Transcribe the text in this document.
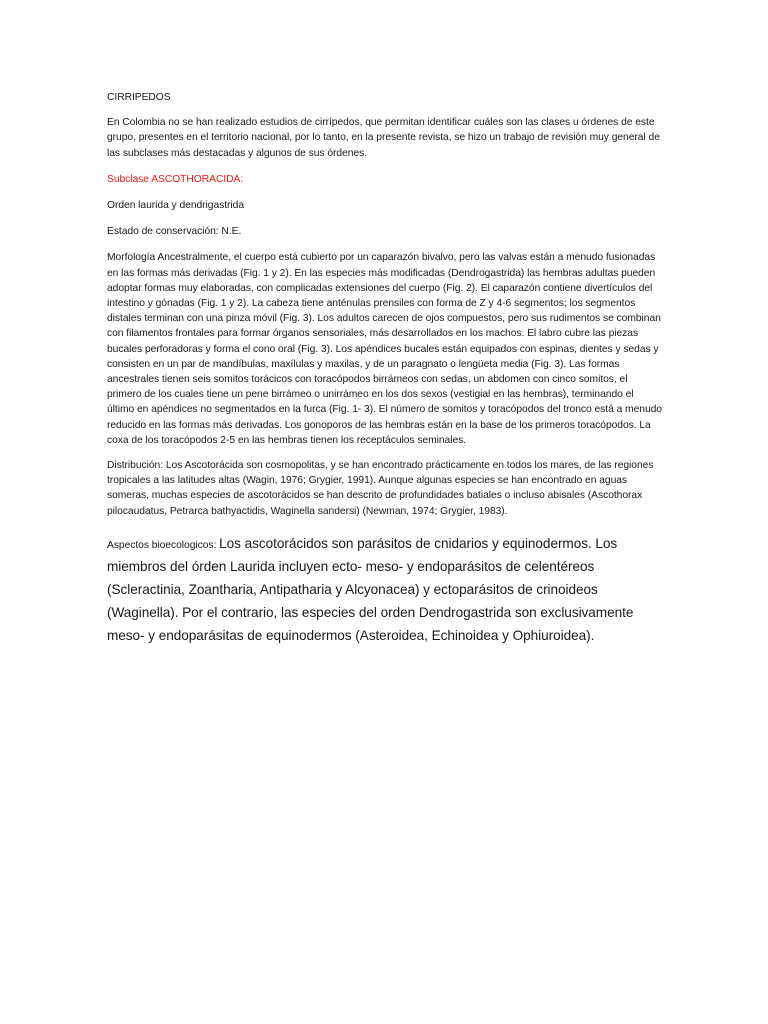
CIRRIPEDOS

En Colombia no se han realizado estudios de cirrípedos, que permitan identificar cuáles son las clases u órdenes de este grupo, presentes en el territorio nacional, por lo tanto, en la presente revista, se hizo un trabajo de revisión muy general de las subclases más destacadas y algunos de sus órdenes.

Subclase ASCOTHORACIDA:

Orden laurida y dendrigastrida

Estado de conservación: N.E.

Morfología Ancestralmente, el cuerpo está cubierto por un caparazón bivalvo, pero las valvas están a menudo fusionadas en las formas más derivadas (Fig. 1 y 2). En las especies más modificadas (Dendrogastrida) las hembras adultas pueden adoptar formas muy elaboradas, con complicadas extensiones del cuerpo (Fig. 2). El caparazón contiene divertículos del intestino y gónadas (Fig. 1 y 2). La cabeza tiene anténulas prensiles con forma de Z y 4-6 segmentos; los segmentos distales terminan con una pinza móvil (Fig. 3). Los adultos carecen de ojos compuestos, pero sus rudimentos se combinan con filamentos frontales para formar órganos sensoriales, más desarrollados en los machos. El labro cubre las piezas bucales perforadoras y forma el cono oral (Fig. 3). Los apéndices bucales están equipados con espinas, dientes y sedas y consisten en un par de mandíbulas, maxílulas y maxilas, y de un paragnato o lengüeta media (Fig. 3). Las formas ancestrales tienen seis somitos torácicos con toracópodos birrámeos con sedas, un abdomen con cinco somitos, el primero de los cuales tiene un pene birrámeo o unirrámeo en los dos sexos (vestigial en las hembras), terminando el último en apéndices no segmentados en la furca (Fig. 1- 3). El número de somitos y toracópodos del tronco está a menudo reducido en las formas más derivadas. Los gonoporos de las hembras están en la base de los primeros toracópodos. La coxa de los toracópodos 2-5 en las hembras tienen los receptáculos seminales.

Distribución: Los Ascotorácida son cosmopolitas, y se han encontrado prácticamente en todos los mares, de las regiones tropicales a las latitudes altas (Wagin, 1976; Grygier, 1991). Aunque algunas especies se han encontrado en aguas someras, muchas especies de ascotorácidos se han descrito de profundidades batiales o incluso abisales (Ascothorax pilocaudatus, Petrarca bathyactidis, Waginella sandersi) (Newman, 1974; Grygier, 1983).

Aspectos bioecologicos: Los ascotorácidos son parásitos de cnidarios y equinodermos. Los miembros del órden Laurida incluyen ecto- meso- y endoparásitos de celentéreos (Scleractinia, Zoantharia, Antipatharia y Alcyonacea) y ectoparásitos de crinoideos (Waginella). Por el contrario, las especies del orden Dendrogastrida son exclusivamente meso- y endoparásitas de equinodermos (Asteroidea, Echinoidea y Ophiuroidea).
